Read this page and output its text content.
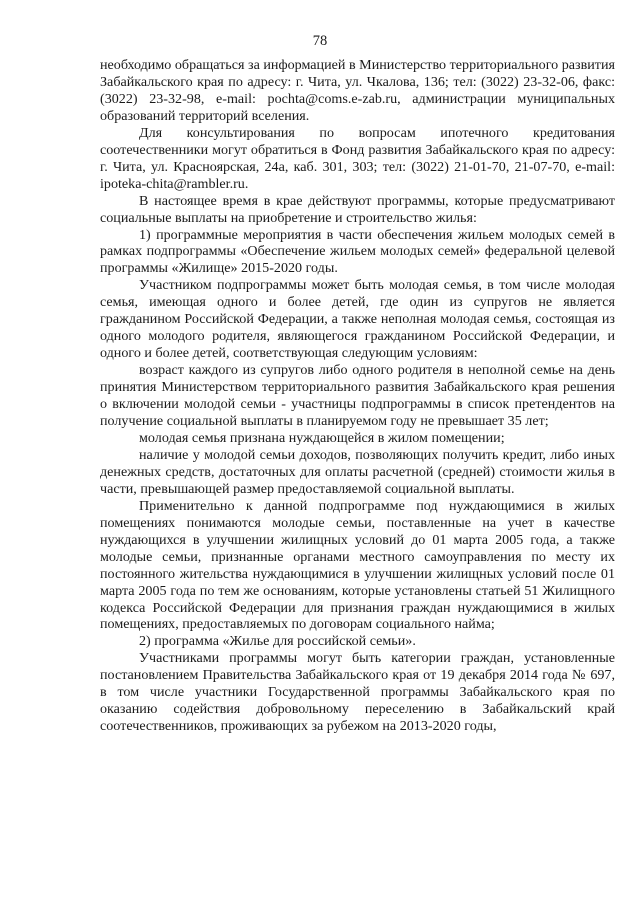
78

необходимо обращаться за информацией в Министерство территориального развития Забайкальского края по адресу: г. Чита, ул. Чкалова, 136; тел: (3022) 23-32-06, факс: (3022) 23-32-98, e-mail: pochta@coms.e-zab.ru, администрации муниципальных образований территорий вселения.

Для консультирования по вопросам ипотечного кредитования соотечественники могут обратиться в Фонд развития Забайкальского края по адресу: г. Чита, ул. Красноярская, 24а, каб. 301, 303; тел: (3022) 21-01-70, 21-07-70, e-mail: ipoteka-chita@rambler.ru.

В настоящее время в крае действуют программы, которые предусматривают социальные выплаты на приобретение и строительство жилья:

1) программные мероприятия в части обеспечения жильем молодых семей в рамках подпрограммы «Обеспечение жильем молодых семей» федеральной целевой программы «Жилище» 2015-2020 годы.

Участником подпрограммы может быть молодая семья, в том числе молодая семья, имеющая одного и более детей, где один из супругов не является гражданином Российской Федерации, а также неполная молодая семья, состоящая из одного молодого родителя, являющегося гражданином Российской Федерации, и одного и более детей, соответствующая следующим условиям:

возраст каждого из супругов либо одного родителя в неполной семье на день принятия Министерством территориального развития Забайкальского края решения о включении молодой семьи - участницы подпрограммы в список претендентов на получение социальной выплаты в планируемом году не превышает 35 лет;

молодая семья признана нуждающейся в жилом помещении;

наличие у молодой семьи доходов, позволяющих получить кредит, либо иных денежных средств, достаточных для оплаты расчетной (средней) стоимости жилья в части, превышающей размер предоставляемой социальной выплаты.

Применительно к данной подпрограмме под нуждающимися в жилых помещениях понимаются молодые семьи, поставленные на учет в качестве нуждающихся в улучшении жилищных условий до 01 марта 2005 года, а также молодые семьи, признанные органами местного самоуправления по месту их постоянного жительства нуждающимися в улучшении жилищных условий после 01 марта 2005 года по тем же основаниям, которые установлены статьей 51 Жилищного кодекса Российской Федерации для признания граждан нуждающимися в жилых помещениях, предоставляемых по договорам социального найма;

2) программа «Жилье для российской семьи».

Участниками программы могут быть категории граждан, установленные постановлением Правительства Забайкальского края от 19 декабря 2014 года № 697, в том числе участники Государственной программы Забайкальского края по оказанию содействия добровольному переселению в Забайкальский край соотечественников, проживающих за рубежом на 2013-2020 годы,
